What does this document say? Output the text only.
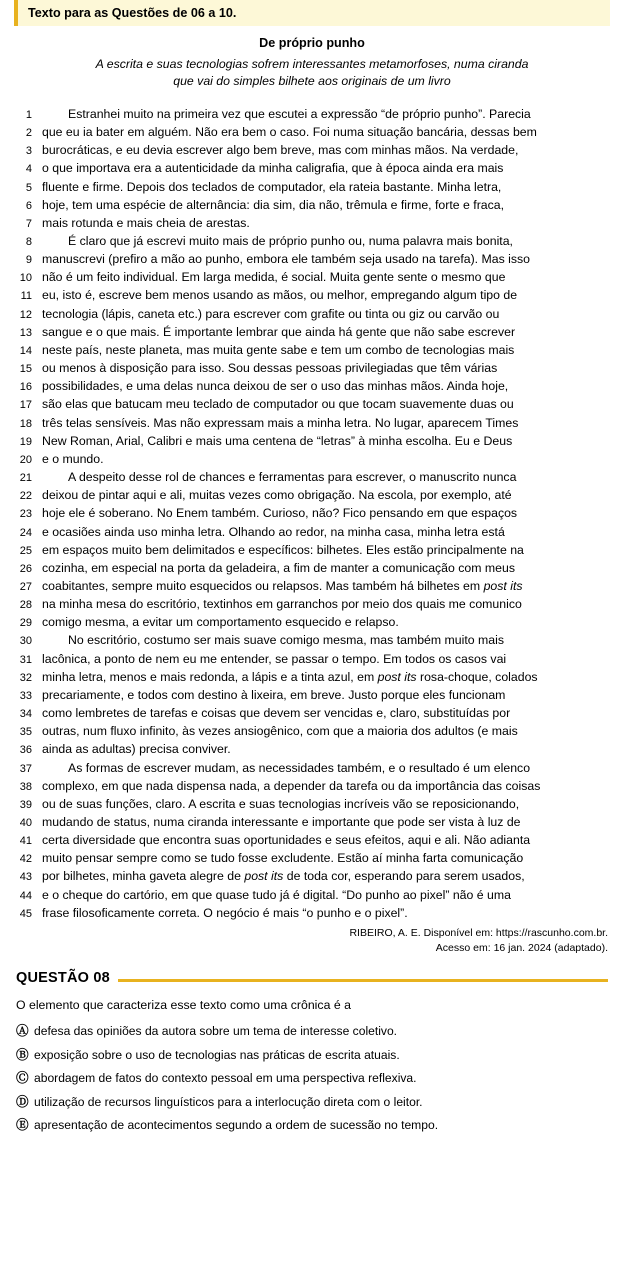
Texto para as Questões de 06 a 10.
De próprio punho
A escrita e suas tecnologias sofrem interessantes metamorfoses, numa ciranda
que vai do simples bilhete aos originais de um livro
1	Estranhei muito na primeira vez que escutei a expressão “de próprio punho”. Parecia
2 que eu ia bater em alguém. Não era bem o caso. Foi numa situação bancária, dessas bem
3 burocráticas, e eu devia escrever algo bem breve, mas com minhas mãos. Na verdade,
4 o que importava era a autenticidade da minha caligrafia, que à época ainda era mais
5 fluente e firme. Depois dos teclados de computador, ela rateia bastante. Minha letra,
6 hoje, tem uma espécie de alternância: dia sim, dia não, trêmula e firme, forte e fraca,
7 mais rotunda e mais cheia de arestas.
8	É claro que já escrevi muito mais de próprio punho ou, numa palavra mais bonita,
9 manuscrevi (prefiro a mão ao punho, embora ele também seja usado na tarefa). Mas isso
10 não é um feito individual. Em larga medida, é social. Muita gente sente o mesmo que
11 eu, isto é, escreve bem menos usando as mãos, ou melhor, empregando algum tipo de
12 tecnologia (lápis, caneta etc.) para escrever com grafite ou tinta ou giz ou carvão ou
13 sangue e o que mais. É importante lembrar que ainda há gente que não sabe escrever
14 neste país, neste planeta, mas muita gente sabe e tem um combo de tecnologias mais
15 ou menos à disposição para isso. Sou dessas pessoas privilegiadas que têm várias
16 possibilidades, e uma delas nunca deixou de ser o uso das minhas mãos. Ainda hoje,
17 são elas que batucam meu teclado de computador ou que tocam suavemente duas ou
18 três telas sensíveis. Mas não expressam mais a minha letra. No lugar, aparecem Times
19 New Roman, Arial, Calibri e mais uma centena de “letras” à minha escolha. Eu e Deus
20 e o mundo.
21	A despeito desse rol de chances e ferramentas para escrever, o manuscrito nunca
22 deixou de pintar aqui e ali, muitas vezes como obrigação. Na escola, por exemplo, até
23 hoje ele é soberano. No Enem também. Curioso, não? Fico pensando em que espaços
24 e ocasiões ainda uso minha letra. Olhando ao redor, na minha casa, minha letra está
25 em espaços muito bem delimitados e específicos: bilhetes. Eles estão principalmente na
26 cozinha, em especial na porta da geladeira, a fim de manter a comunicação com meus
27 coabitantes, sempre muito esquecidos ou relapsos. Mas também há bilhetes em post its
28 na minha mesa do escritório, textinhos em garranchos por meio dos quais me comunico
29 comigo mesma, a evitar um comportamento esquecido e relapso.
30	No escritório, costumo ser mais suave comigo mesma, mas também muito mais
31 lacônica, a ponto de nem eu me entender, se passar o tempo. Em todos os casos vai
32 minha letra, menos e mais redonda, a lápis e a tinta azul, em post its rosa-choque, colados
33 precariamente, e todos com destino à lixeira, em breve. Justo porque eles funcionam
34 como lembretes de tarefas e coisas que devem ser vencidas e, claro, substituídas por
35 outras, num fluxo infinito, às vezes ansiogênico, com que a maioria dos adultos (e mais
36 ainda as adultas) precisa conviver.
37	As formas de escrever mudam, as necessidades também, e o resultado é um elenco
38 complexo, em que nada dispensa nada, a depender da tarefa ou da importância das coisas
39 ou de suas funções, claro. A escrita e suas tecnologias incríveis vão se reposicionando,
40 mudando de status, numa ciranda interessante e importante que pode ser vista à luz de
41 certa diversidade que encontra suas oportunidades e seus efeitos, aqui e ali. Não adianta
42 muito pensar sempre como se tudo fosse excludente. Estão aí minha farta comunicação
43 por bilhetes, minha gaveta alegre de post its de toda cor, esperando para serem usados,
44 e o cheque do cartório, em que quase tudo já é digital. “Do punho ao pixel” não é uma
45 frase filosoficamente correta. O negócio é mais “o punho e o pixel”.
RIBEIRO, A. E. Disponível em: https://rascunho.com.br.
Acesso em: 16 jan. 2024 (adaptado).
QUESTÃO 08
O elemento que caracteriza esse texto como uma crônica é a
Ⓐ defesa das opiniões da autora sobre um tema de interesse coletivo.
Ⓑ exposição sobre o uso de tecnologias nas práticas de escrita atuais.
Ⓒ abordagem de fatos do contexto pessoal em uma perspectiva reflexiva.
Ⓓ utilização de recursos linguísticos para a interlocução direta com o leitor.
Ⓔ apresentação de acontecimentos segundo a ordem de sucessão no tempo.
